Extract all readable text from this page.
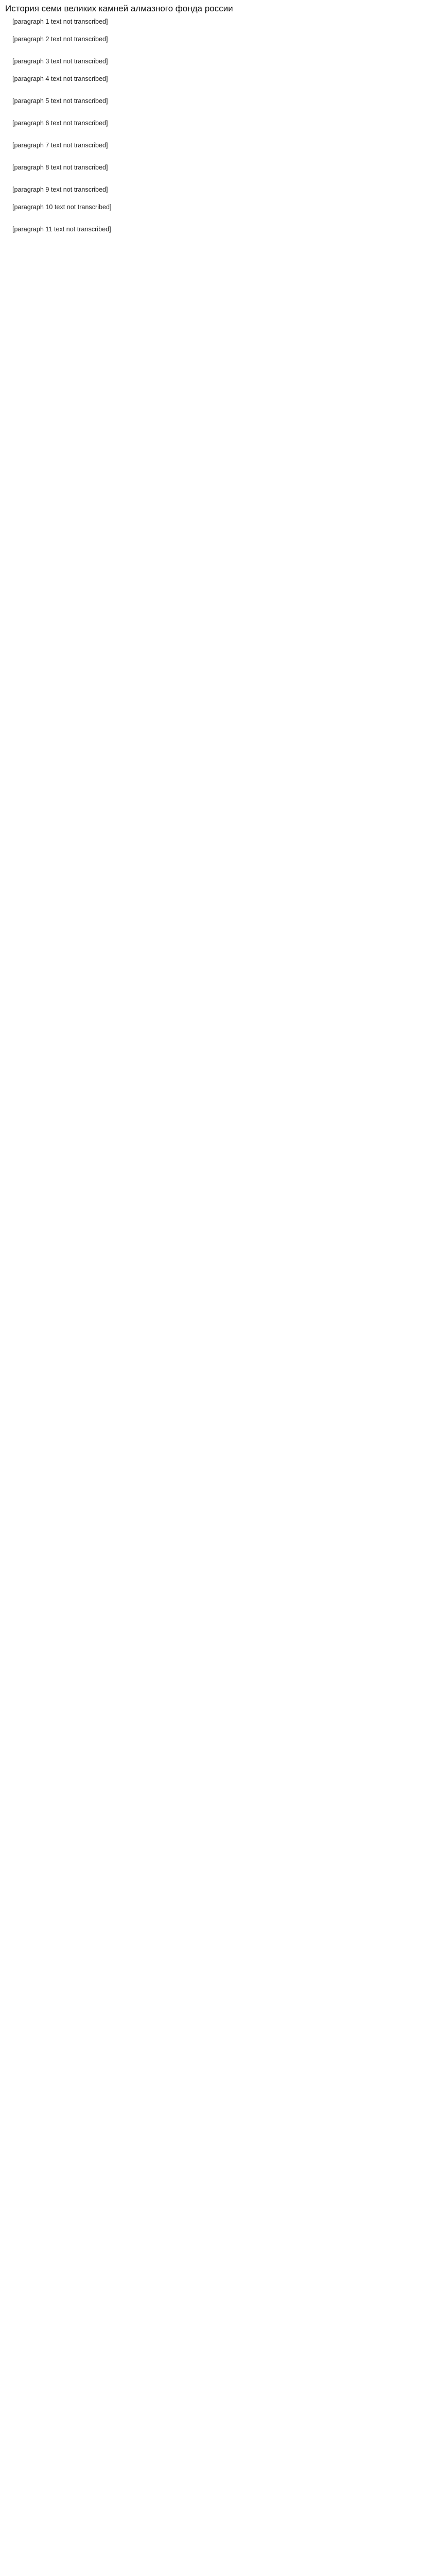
История семи великих камней алмазного фонда россии

[paragraph 1 text not transcribed]

[paragraph 2 text not transcribed]

[paragraph 3 text not transcribed]

[paragraph 4 text not transcribed]

[paragraph 5 text not transcribed]

[paragraph 6 text not transcribed]

[paragraph 7 text not transcribed]

[paragraph 8 text not transcribed]

[paragraph 9 text not transcribed]

[paragraph 10 text not transcribed]

[paragraph 11 text not transcribed]
